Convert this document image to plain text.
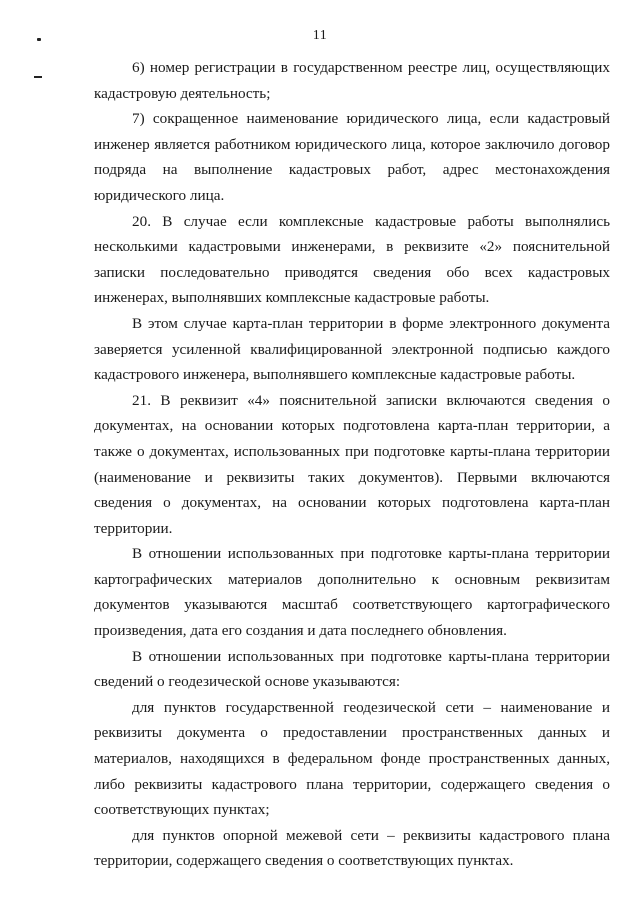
11

6) номер регистрации в государственном реестре лиц, осуществляющих кадастровую деятельность;

7) сокращенное наименование юридического лица, если кадастровый инженер является работником юридического лица, которое заключило договор подряда на выполнение кадастровых работ, адрес местонахождения юридического лица.

20. В случае если комплексные кадастровые работы выполнялись несколькими кадастровыми инженерами, в реквизите «2» пояснительной записки последовательно приводятся сведения обо всех кадастровых инженерах, выполнявших комплексные кадастровые работы.

В этом случае карта-план территории в форме электронного документа заверяется усиленной квалифицированной электронной подписью каждого кадастрового инженера, выполнявшего комплексные кадастровые работы.

21. В реквизит «4» пояснительной записки включаются сведения о документах, на основании которых подготовлена карта-план территории, а также о документах, использованных при подготовке карты-плана территории (наименование и реквизиты таких документов). Первыми включаются сведения о документах, на основании которых подготовлена карта-план территории.

В отношении использованных при подготовке карты-плана территории картографических материалов дополнительно к основным реквизитам документов указываются масштаб соответствующего картографического произведения, дата его создания и дата последнего обновления.

В отношении использованных при подготовке карты-плана территории сведений о геодезической основе указываются:

для пунктов государственной геодезической сети – наименование и реквизиты документа о предоставлении пространственных данных и материалов, находящихся в федеральном фонде пространственных данных, либо реквизиты кадастрового плана территории, содержащего сведения о соответствующих пунктах;

для пунктов опорной межевой сети – реквизиты кадастрового плана территории, содержащего сведения о соответствующих пунктах.
